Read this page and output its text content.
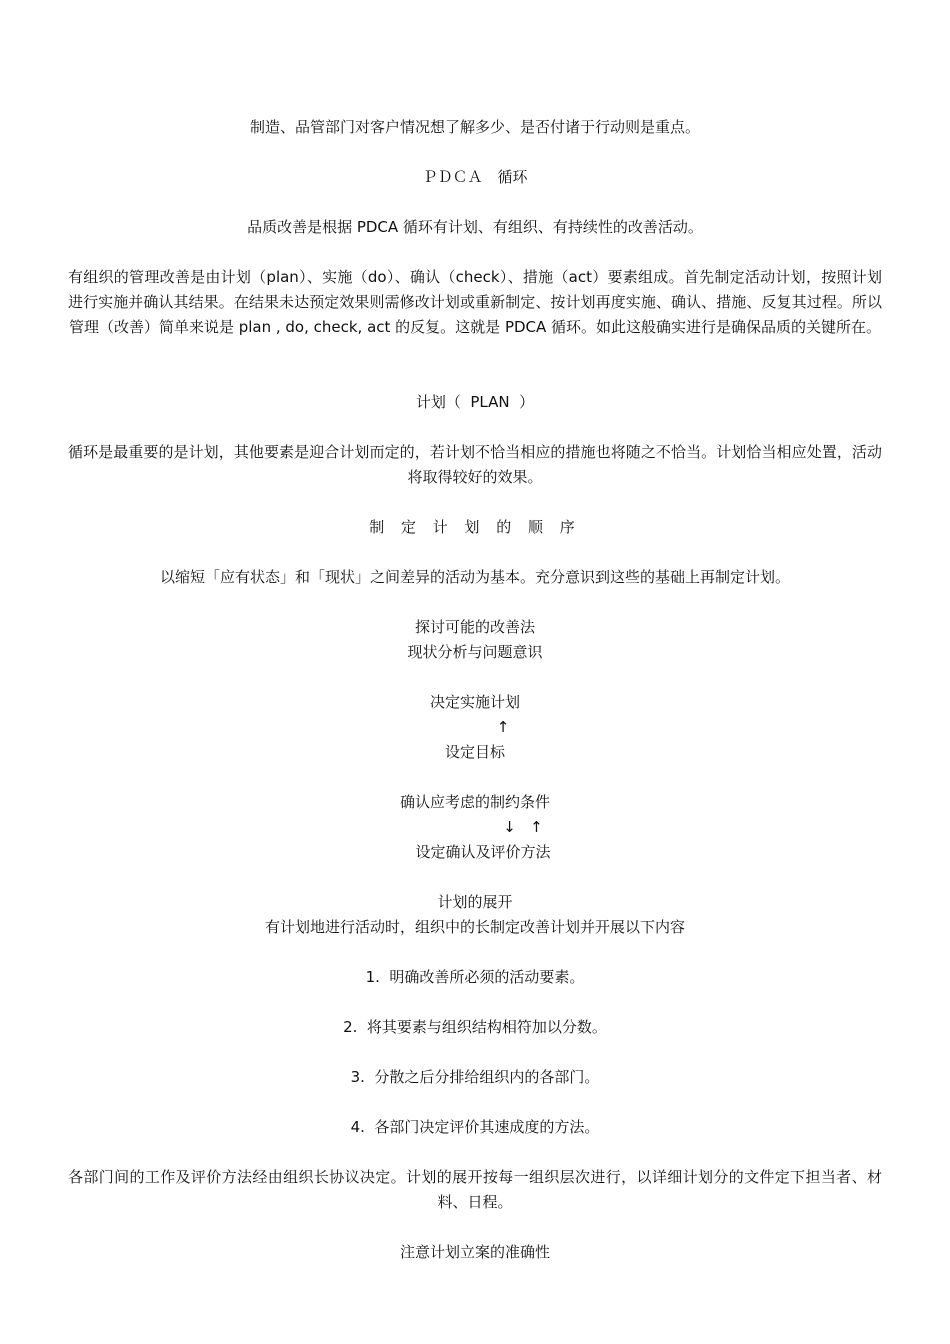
制造、品管部门对客户情况想了解多少、是否付诸于行动则是重点。
ＰＤＣＡ　循环
品质改善是根据 PDCA 循环有计划、有组织、有持续性的改善活动。
有组织的管理改善是由计划（plan）、实施（do）、确认（check）、措施（act）要素组成。首先制定活动计划，按照计划进行实施并确认其结果。在结果未达预定效果则需修改计划或重新制定、按计划再度实施、确认、措施、反复其过程。所以管理（改善）简单来说是 plan , do, check, act 的反复。这就是 PDCA 循环。如此这般确实进行是确保品质的关键所在。
计划（  PLAN  ）
循环是最重要的是计划，其他要素是迎合计划而定的，若计划不恰当相应的措施也将随之不恰当。计划恰当相应处置，活动将取得较好的效果。
制 定 计 划 的 顺 序
以缩短「应有状态」和「现状」之间差异的活动为基本。充分意识到这些的基础上再制定计划。
探讨可能的改善法
现状分析与问题意识
决定实施计划
↑
设定目标
确认应考虑的制约条件
↓   ↑
设定确认及评价方法
计划的展开
有计划地进行活动时，组织中的长制定改善计划并开展以下内容
1.  明确改善所必须的活动要素。
2.  将其要素与组织结构相符加以分数。
3.  分散之后分排给组织内的各部门。
4.  各部门决定评价其速成度的方法。
各部门间的工作及评价方法经由组织长协议决定。计划的展开按每一组织层次进行，以详细计划分的文件定下担当者、材料、日程。
注意计划立案的准确性
